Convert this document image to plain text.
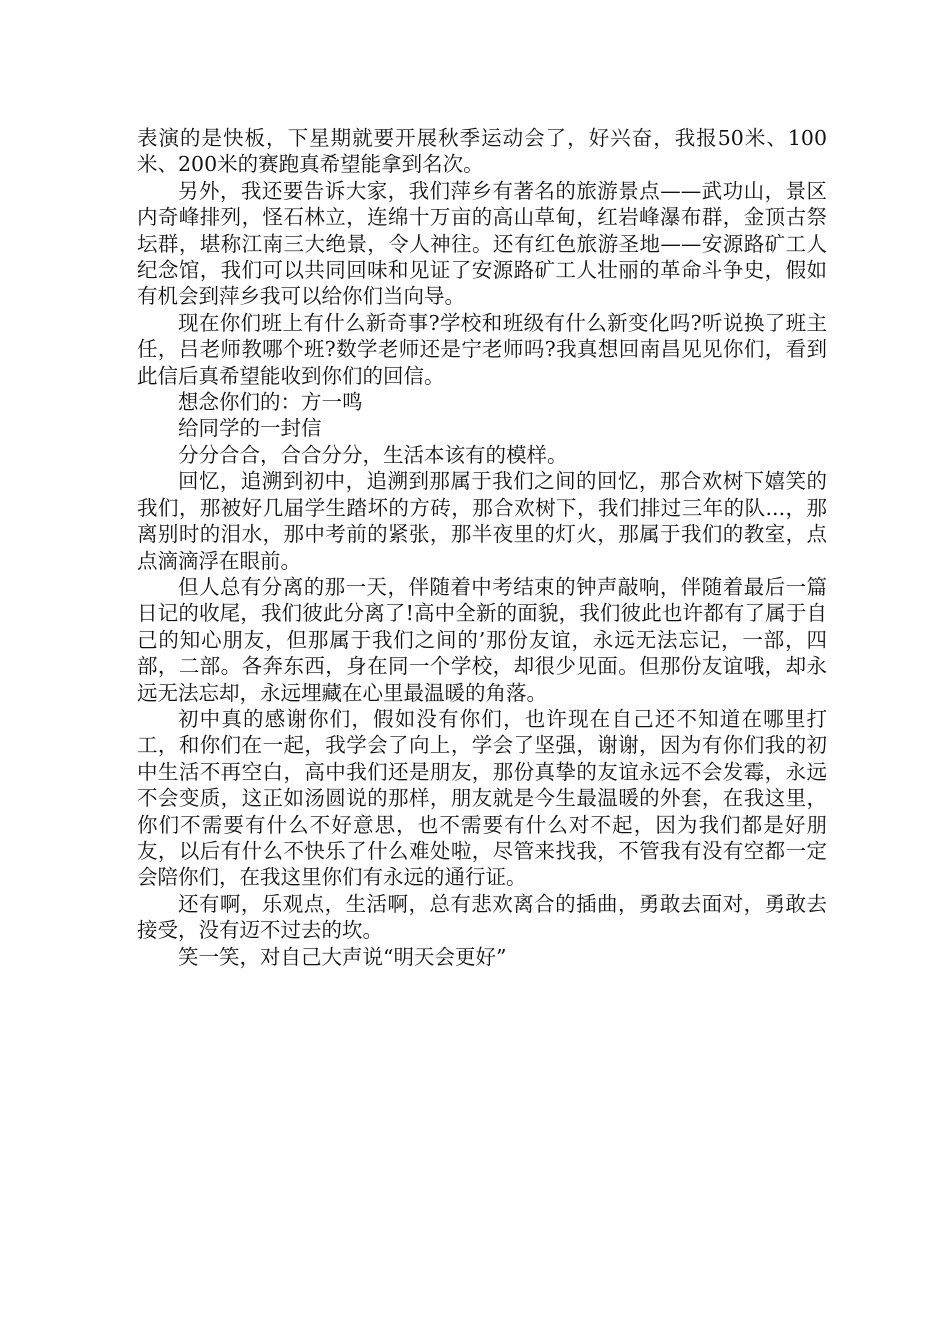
表演的是快板，下星期就要开展秋季运动会了，好兴奋，我报50米、100米、200米的赛跑真希望能拿到名次。

另外，我还要告诉大家，我们萍乡有著名的旅游景点——武功山，景区内奇峰排列，怪石林立，连绵十万亩的高山草甸，红岩峰瀑布群，金顶古祭坛群，堪称江南三大绝景，令人神往。还有红色旅游圣地——安源路矿工人纪念馆，我们可以共同回味和见证了安源路矿工人壮丽的革命斗争史，假如有机会到萍乡我可以给你们当向导。

现在你们班上有什么新奇事?学校和班级有什么新变化吗?听说换了班主任，吕老师教哪个班?数学老师还是宁老师吗?我真想回南昌见见你们，看到此信后真希望能收到你们的回信。

想念你们的：方一鸣

给同学的一封信

分分合合，合合分分，生活本该有的模样。

回忆，追溯到初中，追溯到那属于我们之间的回忆，那合欢树下嬉笑的我们，那被好几届学生踏坏的方砖，那合欢树下，我们排过三年的队...，那离别时的泪水，那中考前的紧张，那半夜里的灯火，那属于我们的教室，点点滴滴浮在眼前。

但人总有分离的那一天，伴随着中考结束的钟声敲响，伴随着最后一篇日记的收尾，我们彼此分离了!高中全新的面貌，我们彼此也许都有了属于自己的知心朋友，但那属于我们之间的’那份友谊，永远无法忘记，一部，四部，二部。各奔东西，身在同一个学校，却很少见面。但那份友谊哦，却永远无法忘却，永远埋藏在心里最温暖的角落。

初中真的感谢你们，假如没有你们，也许现在自己还不知道在哪里打工，和你们在一起，我学会了向上，学会了坚强，谢谢，因为有你们我的初中生活不再空白，高中我们还是朋友，那份真挚的友谊永远不会发霉，永远不会变质，这正如汤圆说的那样，朋友就是今生最温暖的外套，在我这里，你们不需要有什么不好意思，也不需要有什么对不起，因为我们都是好朋友，以后有什么不快乐了什么难处啦，尽管来找我，不管我有没有空都一定会陪你们，在我这里你们有永远的通行证。

还有啊，乐观点，生活啊，总有悲欢离合的插曲，勇敢去面对，勇敢去接受，没有迈不过去的坎。

笑一笑，对自己大声说“明天会更好”
